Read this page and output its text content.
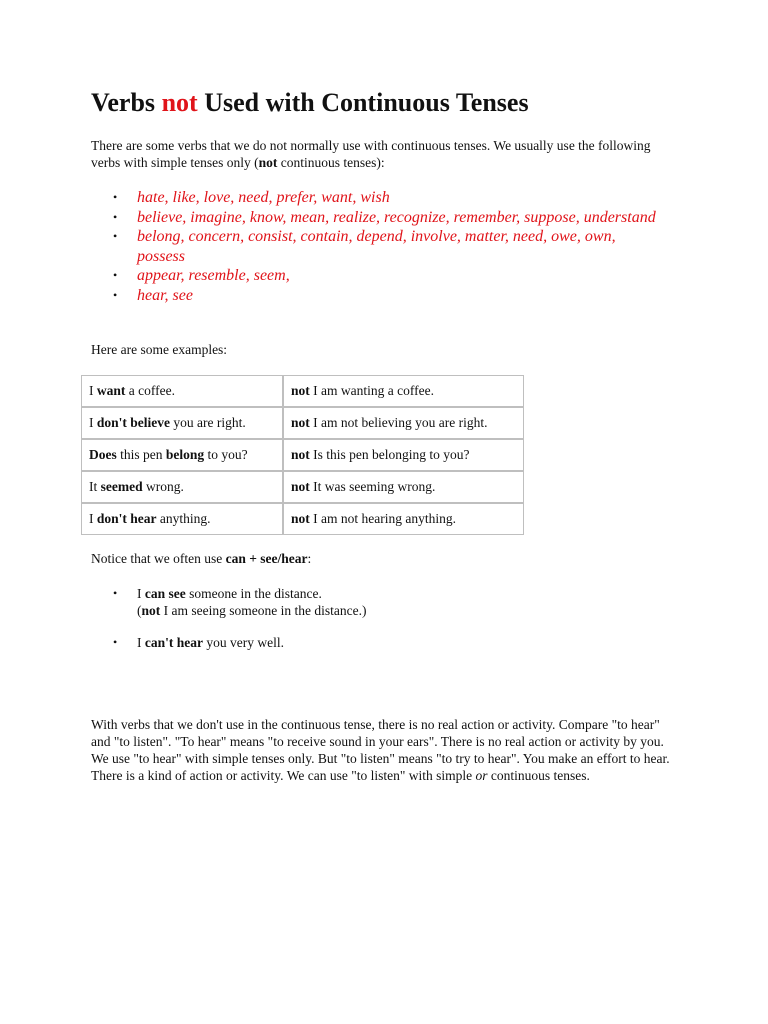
Verbs not Used with Continuous Tenses

There are some verbs that we do not normally use with continuous tenses. We usually use the following verbs with simple tenses only (not continuous tenses):

• hate, like, love, need, prefer, want, wish
• believe, imagine, know, mean, realize, recognize, remember, suppose, understand
• belong, concern, consist, contain, depend, involve, matter, need, owe, own, possess
• appear, resemble, seem,
• hear, see

Here are some examples:

I want a coffee.	not I am wanting a coffee.
I don't believe you are right.	not I am not believing you are right.
Does this pen belong to you?	not Is this pen belonging to you?
It seemed wrong.	not It was seeming wrong.
I don't hear anything.	not I am not hearing anything.

Notice that we often use can + see/hear:

• I can see someone in the distance.
(not I am seeing someone in the distance.)
• I can't hear you very well.

With verbs that we don't use in the continuous tense, there is no real action or activity. Compare "to hear" and "to listen". "To hear" means "to receive sound in your ears". There is no real action or activity by you. We use "to hear" with simple tenses only. But "to listen" means "to try to hear". You make an effort to hear. There is a kind of action or activity. We can use "to listen" with simple or continuous tenses.
